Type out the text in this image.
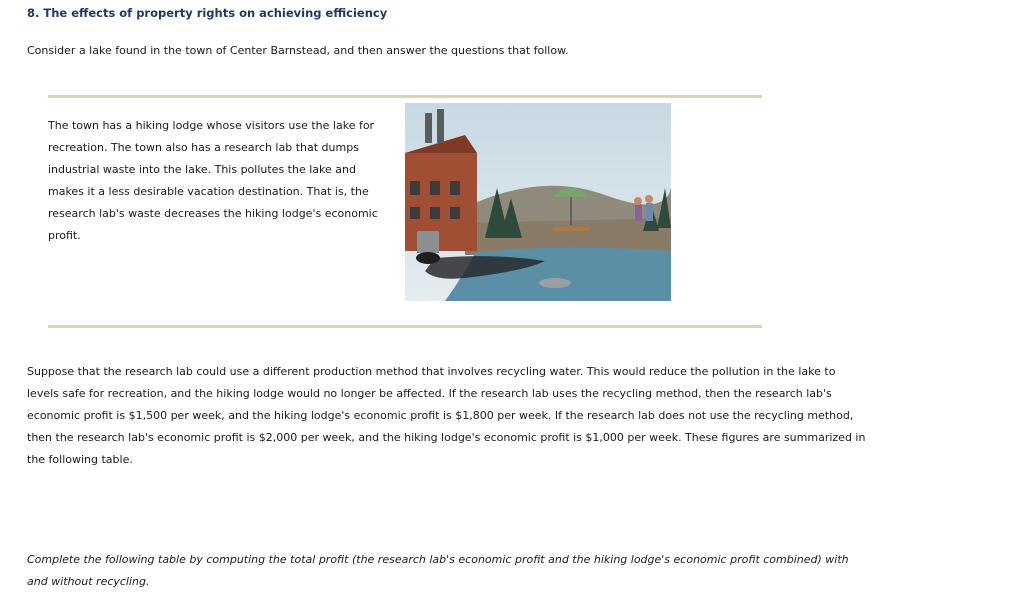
8. The effects of property rights on achieving efficiency
Consider a lake found in the town of Center Barnstead, and then answer the questions that follow.
The town has a hiking lodge whose visitors use the lake for recreation. The town also has a research lab that dumps industrial waste into the lake. This pollutes the lake and makes it a less desirable vacation destination. That is, the research lab's waste decreases the hiking lodge's economic profit.
Suppose that the research lab could use a different production method that involves recycling water. This would reduce the pollution in the lake to levels safe for recreation, and the hiking lodge would no longer be affected. If the research lab uses the recycling method, then the research lab's economic profit is $1,500 per week, and the hiking lodge's economic profit is $1,800 per week. If the research lab does not use the recycling method, then the research lab's economic profit is $2,000 per week, and the hiking lodge's economic profit is $1,000 per week. These figures are summarized in the following table.
Complete the following table by computing the total profit (the research lab's economic profit and the hiking lodge's economic profit combined) with and without recycling.
